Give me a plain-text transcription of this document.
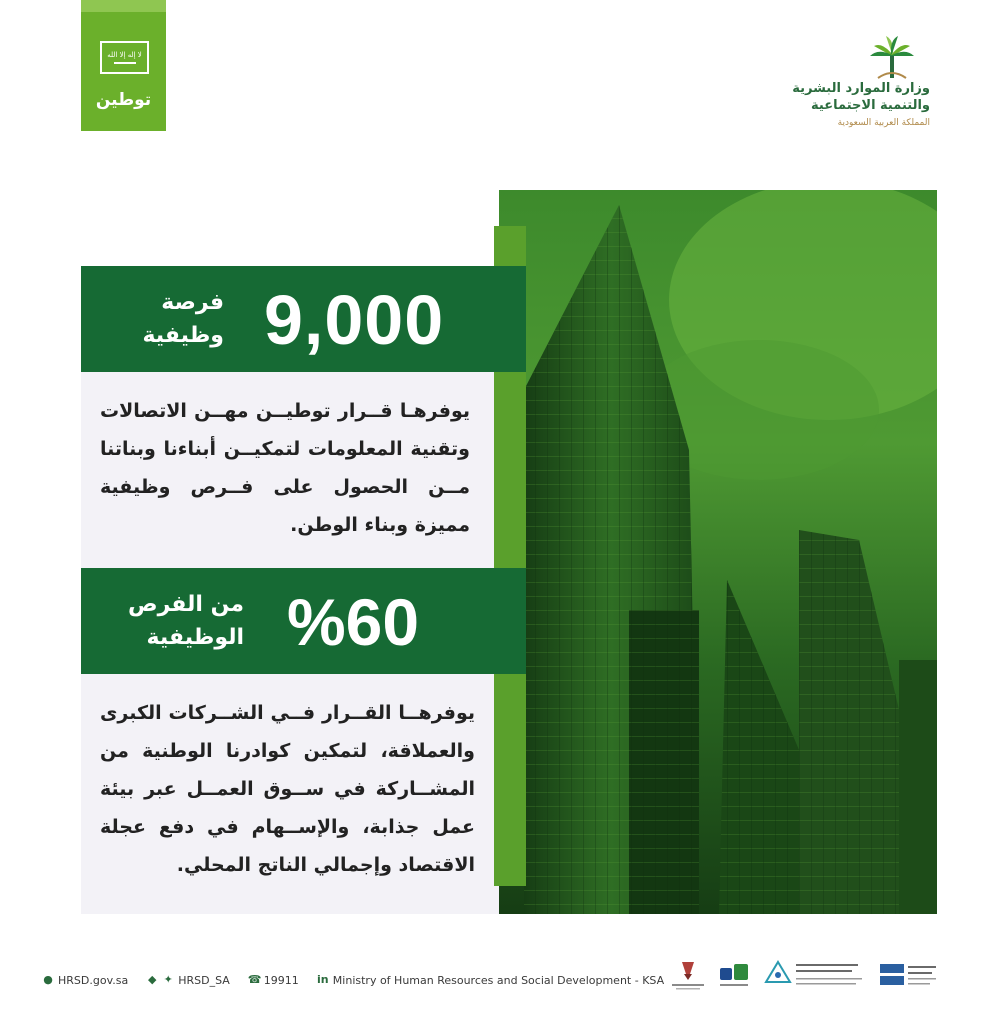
لا إله إلا الله
توطين
وزارة الموارد البشرية
والتنمية الاجتماعية
المملكة العربية السعودية
9,000
فرصة
وظيفية
يوفرهـا قــرار توطيــن مهــن الاتصالات وتقنية المعلومات لتمكيــن أبناءنا وبناتنا مــن الحصول على فــرص وظيفية مميزة وبناء الوطن.
%60
من الفرص
الوظيفية
يوفرهــا القــرار فــي الشــركات الكبرى والعملاقة، لتمكين كوادرنا الوطنية من المشــاركة في ســوق العمــل عبر بيئة عمل جذابة، والإســهام في دفع عجلة الاقتصاد وإجمالي الناتج المحلي.
● HRSD.gov.sa ◆ ✦ HRSD_SA ☎ 19911 in Ministry of Human Resources and Social Development - KSA
